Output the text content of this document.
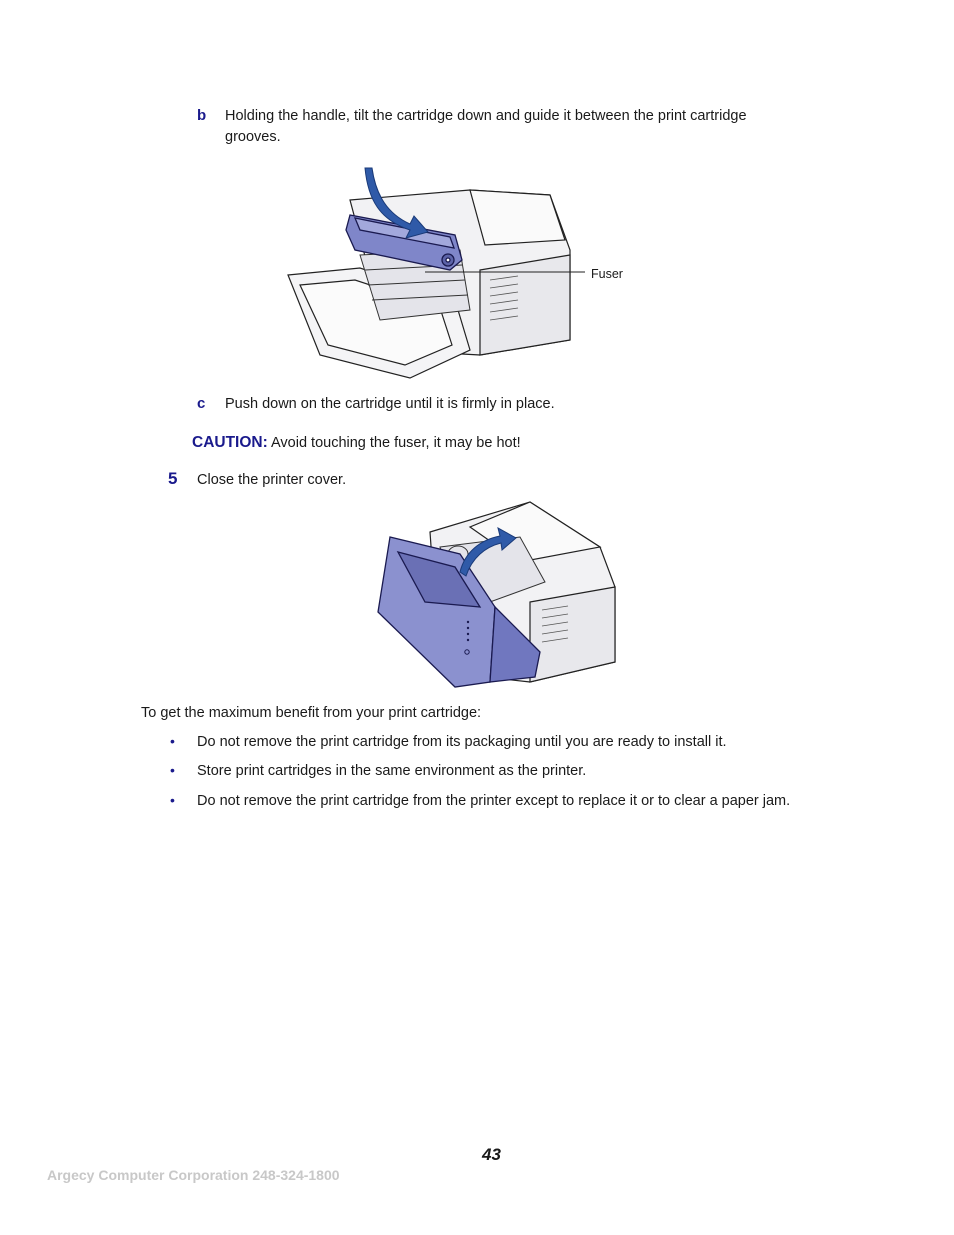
b Holding the handle, tilt the cartridge down and guide it between the print cartridge
grooves.
Fuser
c Push down on the cartridge until it is firmly in place.
CAUTION: Avoid touching the fuser, it may be hot!
5 Close the printer cover.
To get the maximum benefit from your print cartridge:
• Do not remove the print cartridge from its packaging until you are ready to install it.
• Store print cartridges in the same environment as the printer.
• Do not remove the print cartridge from the printer except to replace it or to clear a paper jam.
43
Argecy Computer Corporation 248-324-1800
